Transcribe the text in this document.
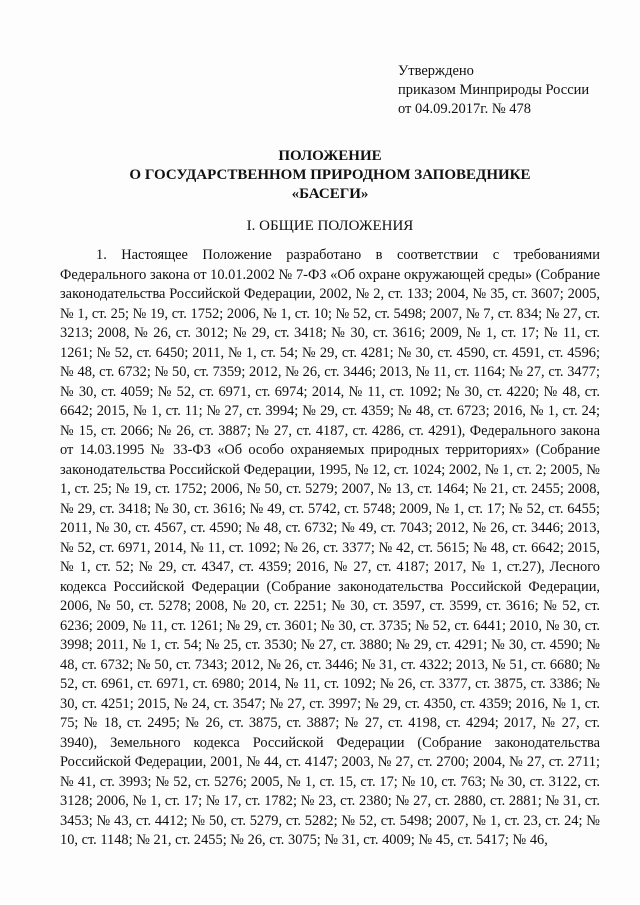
Утверждено
приказом Минприроды России
от 04.09.2017г. № 478
ПОЛОЖЕНИЕ
О ГОСУДАРСТВЕННОМ ПРИРОДНОМ ЗАПОВЕДНИКЕ
«БАСЕГИ»
I. ОБЩИЕ ПОЛОЖЕНИЯ
1. Настоящее Положение разработано в соответствии с требованиями Федерального закона от 10.01.2002 № 7-ФЗ «Об охране окружающей среды» (Собрание законодательства Российской Федерации, 2002, № 2, ст. 133; 2004, № 35, ст. 3607; 2005, № 1, ст. 25; № 19, ст. 1752; 2006, № 1, ст. 10; № 52, ст. 5498; 2007, № 7, ст. 834; № 27, ст. 3213; 2008, № 26, ст. 3012; № 29, ст. 3418; № 30, ст. 3616; 2009, № 1, ст. 17; № 11, ст. 1261; № 52, ст. 6450; 2011, № 1, ст. 54; № 29, ст. 4281; № 30, ст. 4590, ст. 4591, ст. 4596; № 48, ст. 6732; № 50, ст. 7359; 2012, № 26, ст. 3446; 2013, № 11, ст. 1164; № 27, ст. 3477; № 30, ст. 4059; № 52, ст. 6971, ст. 6974; 2014, № 11, ст. 1092; № 30, ст. 4220; № 48, ст. 6642; 2015, № 1, ст. 11; № 27, ст. 3994; № 29, ст. 4359; № 48, ст. 6723; 2016, № 1, ст. 24; № 15, ст. 2066; № 26, ст. 3887; № 27, ст. 4187, ст. 4286, ст. 4291), Федерального закона от 14.03.1995 № 33-ФЗ «Об особо охраняемых природных территориях» (Собрание законодательства Российской Федерации, 1995, № 12, ст. 1024; 2002, № 1, ст. 2; 2005, № 1, ст. 25; № 19, ст. 1752; 2006, № 50, ст. 5279; 2007, № 13, ст. 1464; № 21, ст. 2455; 2008, № 29, ст. 3418; № 30, ст. 3616; № 49, ст. 5742, ст. 5748; 2009, № 1, ст. 17; № 52, ст. 6455; 2011, № 30, ст. 4567, ст. 4590; № 48, ст. 6732; № 49, ст. 7043; 2012, № 26, ст. 3446; 2013, № 52, ст. 6971, 2014, № 11, ст. 1092; № 26, ст. 3377; № 42, ст. 5615; № 48, ст. 6642; 2015, № 1, ст. 52; № 29, ст. 4347, ст. 4359; 2016, № 27, ст. 4187; 2017, № 1, ст.27), Лесного кодекса Российской Федерации (Собрание законодательства Российской Федерации, 2006, № 50, ст. 5278; 2008, № 20, ст. 2251; № 30, ст. 3597, ст. 3599, ст. 3616; № 52, ст. 6236; 2009, № 11, ст. 1261; № 29, ст. 3601; № 30, ст. 3735; № 52, ст. 6441; 2010, № 30, ст. 3998; 2011, № 1, ст. 54; № 25, ст. 3530; № 27, ст. 3880; № 29, ст. 4291; № 30, ст. 4590; № 48, ст. 6732; № 50, ст. 7343; 2012, № 26, ст. 3446; № 31, ст. 4322; 2013, № 51, ст. 6680; № 52, ст. 6961, ст. 6971, ст. 6980; 2014, № 11, ст. 1092; № 26, ст. 3377, ст. 3875, ст. 3386; № 30, ст. 4251; 2015, № 24, ст. 3547; № 27, ст. 3997; № 29, ст. 4350, ст. 4359; 2016, № 1, ст. 75; № 18, ст. 2495; № 26, ст. 3875, ст. 3887; № 27, ст. 4198, ст. 4294; 2017, № 27, ст. 3940), Земельного кодекса Российской Федерации (Собрание законодательства Российской Федерации, 2001, № 44, ст. 4147; 2003, № 27, ст. 2700; 2004, № 27, ст. 2711; № 41, ст. 3993; № 52, ст. 5276; 2005, № 1, ст. 15, ст. 17; № 10, ст. 763; № 30, ст. 3122, ст. 3128; 2006, № 1, ст. 17; № 17, ст. 1782; № 23, ст. 2380; № 27, ст. 2880, ст. 2881; № 31, ст. 3453; № 43, ст. 4412; № 50, ст. 5279, ст. 5282; № 52, ст. 5498; 2007, № 1, ст. 23, ст. 24; № 10, ст. 1148; № 21, ст. 2455; № 26, ст. 3075; № 31, ст. 4009; № 45, ст. 5417; № 46,
